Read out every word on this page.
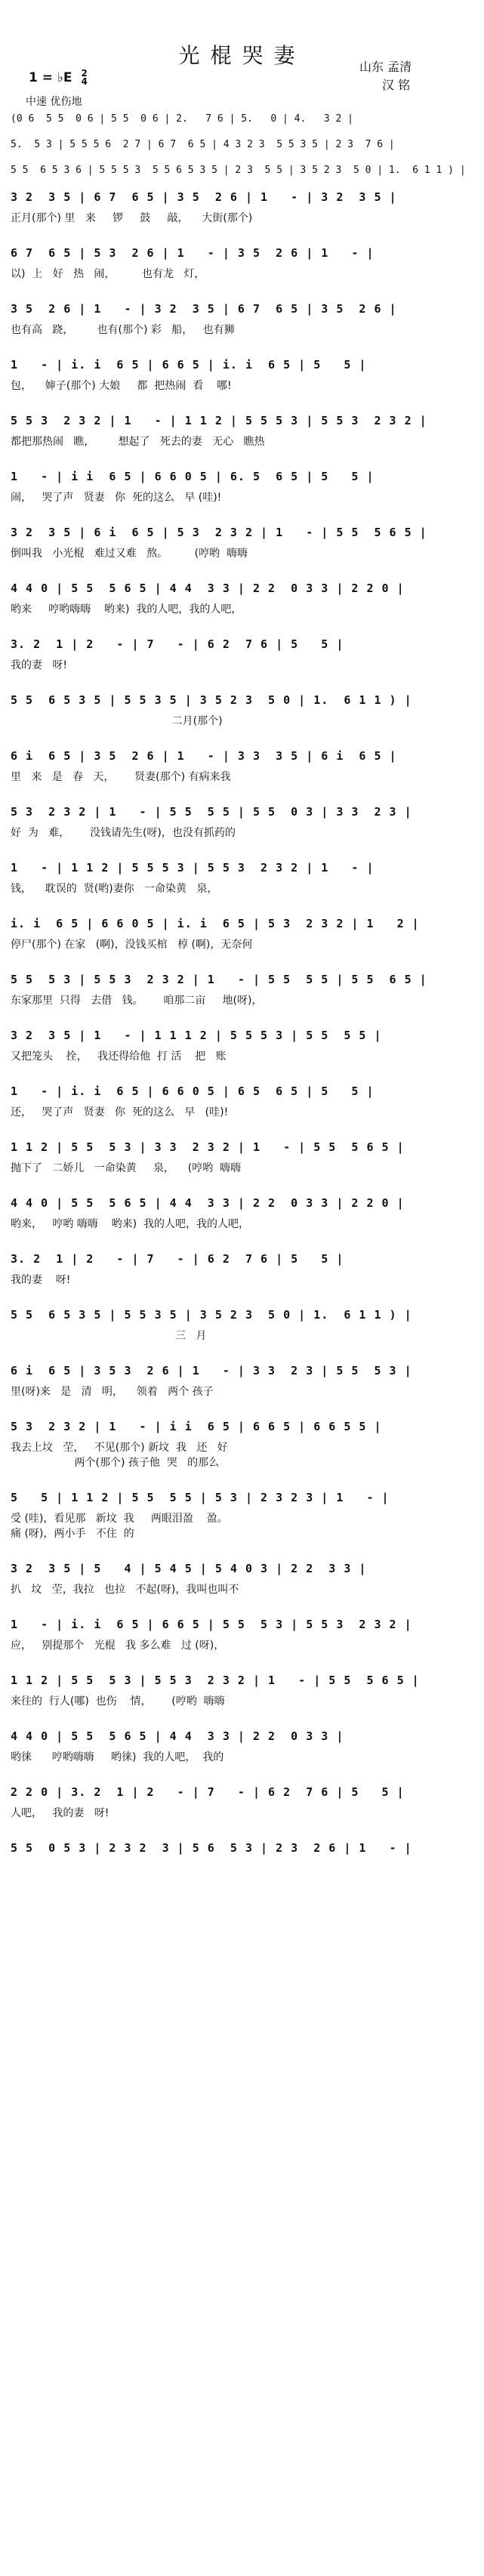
光棍哭妻	山东 孟清
汉 铭
1 = ♭E 2
4
中速 优伤地
(0 6  5 5  0 6 | 5 5  0 6 | 2.   7 6 | 5.   0 | 4.   3 2 |
5.  5 3 | 5 5 5 6  2 7 | 6 7  6 5 | 4 3 2 3  5 5 3 5 | 2 3  7 6 |
5 5  6 5 3 6 | 5 5 5 3  5 5 6 5 3 5 | 2 3  5 5 | 3 5 2 3  5 0 | 1.  6 1 1 ) |
3 2  3 5 | 6 7  6 5 | 3 5  2 6 | 1   - | 3 2  3 5 |
正月(那个) 里   来     锣     鼓     敲，    大街(那个)
6 7  6 5 | 5 3  2 6 | 1   - | 3 5  2 6 | 1   - |
以)  上   好   热   闹，        也有龙   灯，
3 5  2 6 | 1   - | 3 2  3 5 | 6 7  6 5 | 3 5  2 6 |
也有高   跷，       也有(那个) 彩   船，   也有狮
1   - | i. i  6 5 | 6 6 5 | i. i  6 5 | 5   5 |
包，    婶子(那个) 大娘     都  把热闹  看    哪!
5 5 3  2 3 2 | 1   - | 1 1 2 | 5 5 5 3 | 5 5 3  2 3 2 |
都把那热闹   瞧，       想起了   死去的妻   无心   瞧热
1   - | i i  6 5 | 6 6 0 5 | 6. 5  6 5 | 5   5 |
闹，   哭了声   贤妻   你  死的这么   早 (哇)!
3 2  3 5 | 6 i  6 5 | 5 3  2 3 2 | 1   - | 5 5  5 6 5 |
倒叫我   小光棍   难过又难   熬。        (哼哟  嗨嗨
4 4 0 | 5 5  5 6 5 | 4 4  3 3 | 2 2  0 3 3 | 2 2 0 |
哟来     哼哟嗨嗨    哟来)  我的人吧，我的人吧，
3. 2  1 | 2   - | 7   - | 6 2  7 6 | 5   5 |
我的妻   呀!
5 5  6 5 3 5 | 5 5 3 5 | 3 5 2 3  5 0 | 1.  6 1 1 ) |
二月(那个)
6 i  6 5 | 3 5  2 6 | 1   - | 3 3  3 5 | 6 i  6 5 |
里   来   是   春   天，      贤妻(那个) 有病来我
5 3  2 3 2 | 1   - | 5 5  5 5 | 5 5  0 3 | 3 3  2 3 |
好  为   难，      没钱请先生(呀)，也没有抓药的
1   - | 1 1 2 | 5 5 5 3 | 5 5 3  2 3 2 | 1   - |
钱，    耽误的  贤(哟)妻你   一命染黄   泉，
i. i  6 5 | 6 6 0 5 | i. i  6 5 | 5 3  2 3 2 | 1   2 |
停尸(那个) 在家   (啊)，没钱买棺   椁 (啊)，无奈何
5 5  5 3 | 5 5 3  2 3 2 | 1   - | 5 5  5 5 | 5 5  6 5 |
东家那里  只得   去借   钱。      咱那二亩     地(呀)，
3 2  3 5 | 1   - | 1 1 1 2 | 5 5 5 3 | 5 5  5 5 |
又把笼头    拴，   我还得给他  打 活    把   账
1   - | i. i  6 5 | 6 6 0 5 | 6 5  6 5 | 5   5 |
还，   哭了声   贤妻   你  死的这么   早   (哇)!
1 1 2 | 5 5  5 3 | 3 3  2 3 2 | 1   - | 5 5  5 6 5 |
抛下了   二娇儿   一命染黄     泉，    (哼哟  嗨嗨
4 4 0 | 5 5  5 6 5 | 4 4  3 3 | 2 2  0 3 3 | 2 2 0 |
哟来，   哼哟 嗨嗨    哟来)  我的人吧，我的人吧，
3. 2  1 | 2   - | 7   - | 6 2  7 6 | 5   5 |
我的妻    呀!
5 5  6 5 3 5 | 5 5 3 5 | 3 5 2 3  5 0 | 1.  6 1 1 ) |
三   月
6 i  6 5 | 3 5 3  2 6 | 1   - | 3 3  2 3 | 5 5  5 3 |
里(呀)来   是   清   明，    领着   两个 孩子
5 3  2 3 2 | 1   - | i i  6 5 | 6 6 5 | 6 6 5 5 |
我去上坟   茔，   不见(那个) 新坟  我   还   好
两个(那个) 孩子他  哭   的那么
5   5 | 1 1 2 | 5 5  5 5 | 5 3 | 2 3 2 3 | 1   - |
受 (哇)，看见那   新坟  我     两眼泪盈    盈。
痛 (呀)，两小手   不住  的
3 2  3 5 | 5   4 | 5 4 5 | 5 4 0 3 | 2 2  3 3 |
扒   坟   茔，我拉   也拉   不起(呀)，我叫也叫不
1   - | i. i  6 5 | 6 6 5 | 5 5  5 3 | 5 5 3  2 3 2 |
应，   别提那个   光棍   我 多么难   过 (呀)，
1 1 2 | 5 5  5 3 | 5 5 3  2 3 2 | 1   - | 5 5  5 6 5 |
来往的  行人(哪)  也伤    情，      (哼哟  嗨嗨
4 4 0 | 5 5  5 6 5 | 4 4  3 3 | 2 2  0 3 3 |
哟徕      哼哟嗨嗨     哟徕)  我的人吧，  我的
2 2 0 | 3. 2  1 | 2   - | 7   - | 6 2  7 6 | 5   5 |
人吧，   我的妻   呀!
5 5  0 5 3 | 2 3 2  3 | 5 6  5 3 | 2 3  2 6 | 1   - |
